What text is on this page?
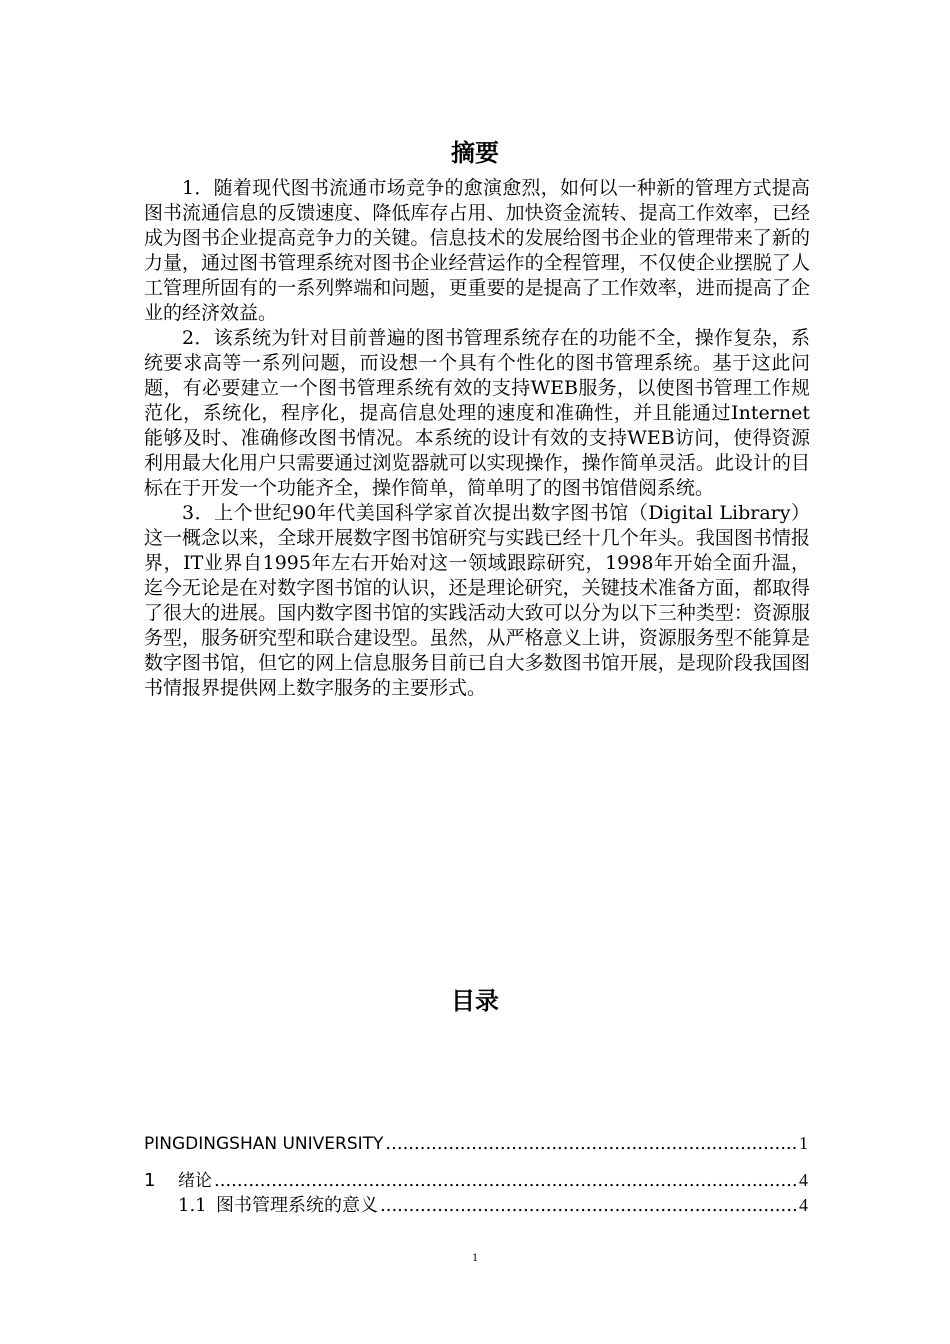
摘要

1．随着现代图书流通市场竞争的愈演愈烈，如何以一种新的管理方式提高图书流通信息的反馈速度、降低库存占用、加快资金流转、提高工作效率，已经成为图书企业提高竞争力的关键。信息技术的发展给图书企业的管理带来了新的力量，通过图书管理系统对图书企业经营运作的全程管理，不仅使企业摆脱了人工管理所固有的一系列弊端和问题，更重要的是提高了工作效率，进而提高了企业的经济效益。

2．该系统为针对目前普遍的图书管理系统存在的功能不全，操作复杂，系统要求高等一系列问题，而设想一个具有个性化的图书管理系统。基于这此问题，有必要建立一个图书管理系统有效的支持WEB服务，以使图书管理工作规范化，系统化，程序化，提高信息处理的速度和准确性，并且能通过Internet能够及时、准确修改图书情况。本系统的设计有效的支持WEB访问，使得资源利用最大化用户只需要通过浏览器就可以实现操作，操作简单灵活。此设计的目标在于开发一个功能齐全，操作简单，简单明了的图书馆借阅系统。

3．上个世纪90年代美国科学家首次提出数字图书馆（Digital Library）这一概念以来，全球开展数字图书馆研究与实践已经十几个年头。我国图书情报界，IT业界自1995年左右开始对这一领域跟踪研究，1998年开始全面升温，迄今无论是在对数字图书馆的认识，还是理论研究，关键技术准备方面，都取得了很大的进展。国内数字图书馆的实践活动大致可以分为以下三种类型：资源服务型，服务研究型和联合建设型。虽然，从严格意义上讲，资源服务型不能算是数字图书馆，但它的网上信息服务目前已自大多数图书馆开展，是现阶段我国图书情报界提供网上数字服务的主要形式。

目录
PINGDINGSHAN UNIVERSITY .....	1
1	绪论 .....	4
1.1 图书管理系统的意义 .....	4
1
